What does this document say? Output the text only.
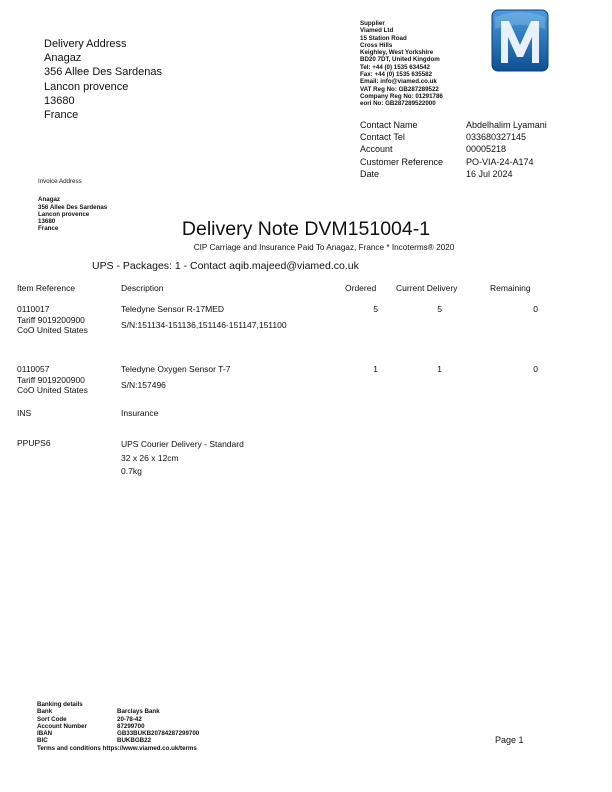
Delivery Address
Anagaz
356 Allee Des Sardenas
Lancon provence
13680
France
Supplier
Viamed Ltd
15 Station Road
Cross Hills
Keighley, West Yorkshire
BD20 7DT, United Kingdom
Tel: +44 (0) 1535 634542
Fax: +44 (0) 1535 635582
Email: info@viamed.co.uk
VAT Reg No: GB287289522
Company Reg No: 01291786
eori No: GB287289522000
Contact Name	Abdelhalim Lyamani
Contact Tel	033680327145
Account	00005218
Customer Reference	PO-VIA-24-A174
Date	16 Jul 2024
Invoice Address
Anagaz
356 Allee Des Sardenas
Lancon provence
13680
France	Delivery Note DVM151004-1
CIP Carriage and Insurance Paid To Anagaz, France * Incoterms® 2020
UPS - Packages: 1 - Contact aqib.majeed@viamed.co.uk
Item Reference	Description	Ordered Current Delivery	Remaining
0110017
Tariff 9019200900
CoO United States
Teledyne Sensor R-17MED
S/N:151134-151136,151146-151147,151100
5	5	0
0110057
Tariff 9019200900
CoO United States
Teledyne Oxygen Sensor T-7
S/N:157496
1	1	0
INS	Insurance
PPUPS6	UPS Courier Delivery - Standard
32 x 26 x 12cm
0.7kg
Banking details
Bank	Barclays Bank
Sort Code	20-78-42
Account Number	87299700
IBAN	GB33BUKB20784287299700
BIC	BUKBGB22
Terms and conditions https://www.viamed.co.uk/terms
Page 1
